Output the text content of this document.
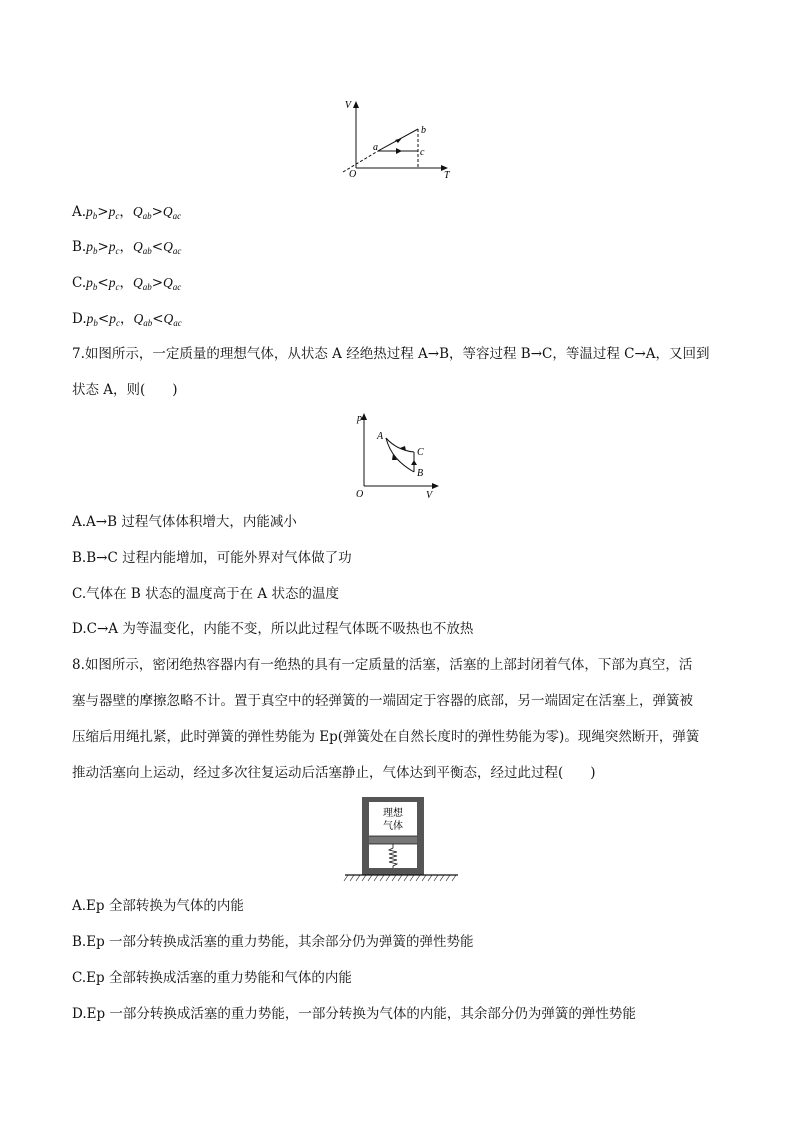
V
T
O
a
b
c
$A.p_b>p_c$，$Q_{ab}>Q_{ac}$
$B.p_b>p_c$，$Q_{ab}<Q_{ac}$
$C.p_b<p_c$，$Q_{ab}>Q_{ac}$
$D.p_b<p_c$，$Q_{ab}<Q_{ac}$
7.如图所示，一定质量的理想气体，从状态 A 经绝热过程 A→B，等容过程 B→C，等温过程 C→A，又回到
状态 A，则(　　)
p
V
O
A
B
C
A.A→B 过程气体体积增大，内能减小
B.B→C 过程内能增加，可能外界对气体做了功
C.气体在 B 状态的温度高于在 A 状态的温度
D.C→A 为等温变化，内能不变，所以此过程气体既不吸热也不放热
8.如图所示，密闭绝热容器内有一绝热的具有一定质量的活塞，活塞的上部封闭着气体，下部为真空，活
塞与器壁的摩擦忽略不计。置于真空中的轻弹簧的一端固定于容器的底部，另一端固定在活塞上，弹簧被
压缩后用绳扎紧，此时弹簧的弹性势能为 Ep(弹簧处在自然长度时的弹性势能为零)。现绳突然断开，弹簧
推动活塞向上运动，经过多次往复运动后活塞静止，气体达到平衡态，经过此过程(　　)
理想
气体
A.Ep 全部转换为气体的内能
B.Ep 一部分转换成活塞的重力势能，其余部分仍为弹簧的弹性势能
C.Ep 全部转换成活塞的重力势能和气体的内能
D.Ep 一部分转换成活塞的重力势能，一部分转换为气体的内能，其余部分仍为弹簧的弹性势能
